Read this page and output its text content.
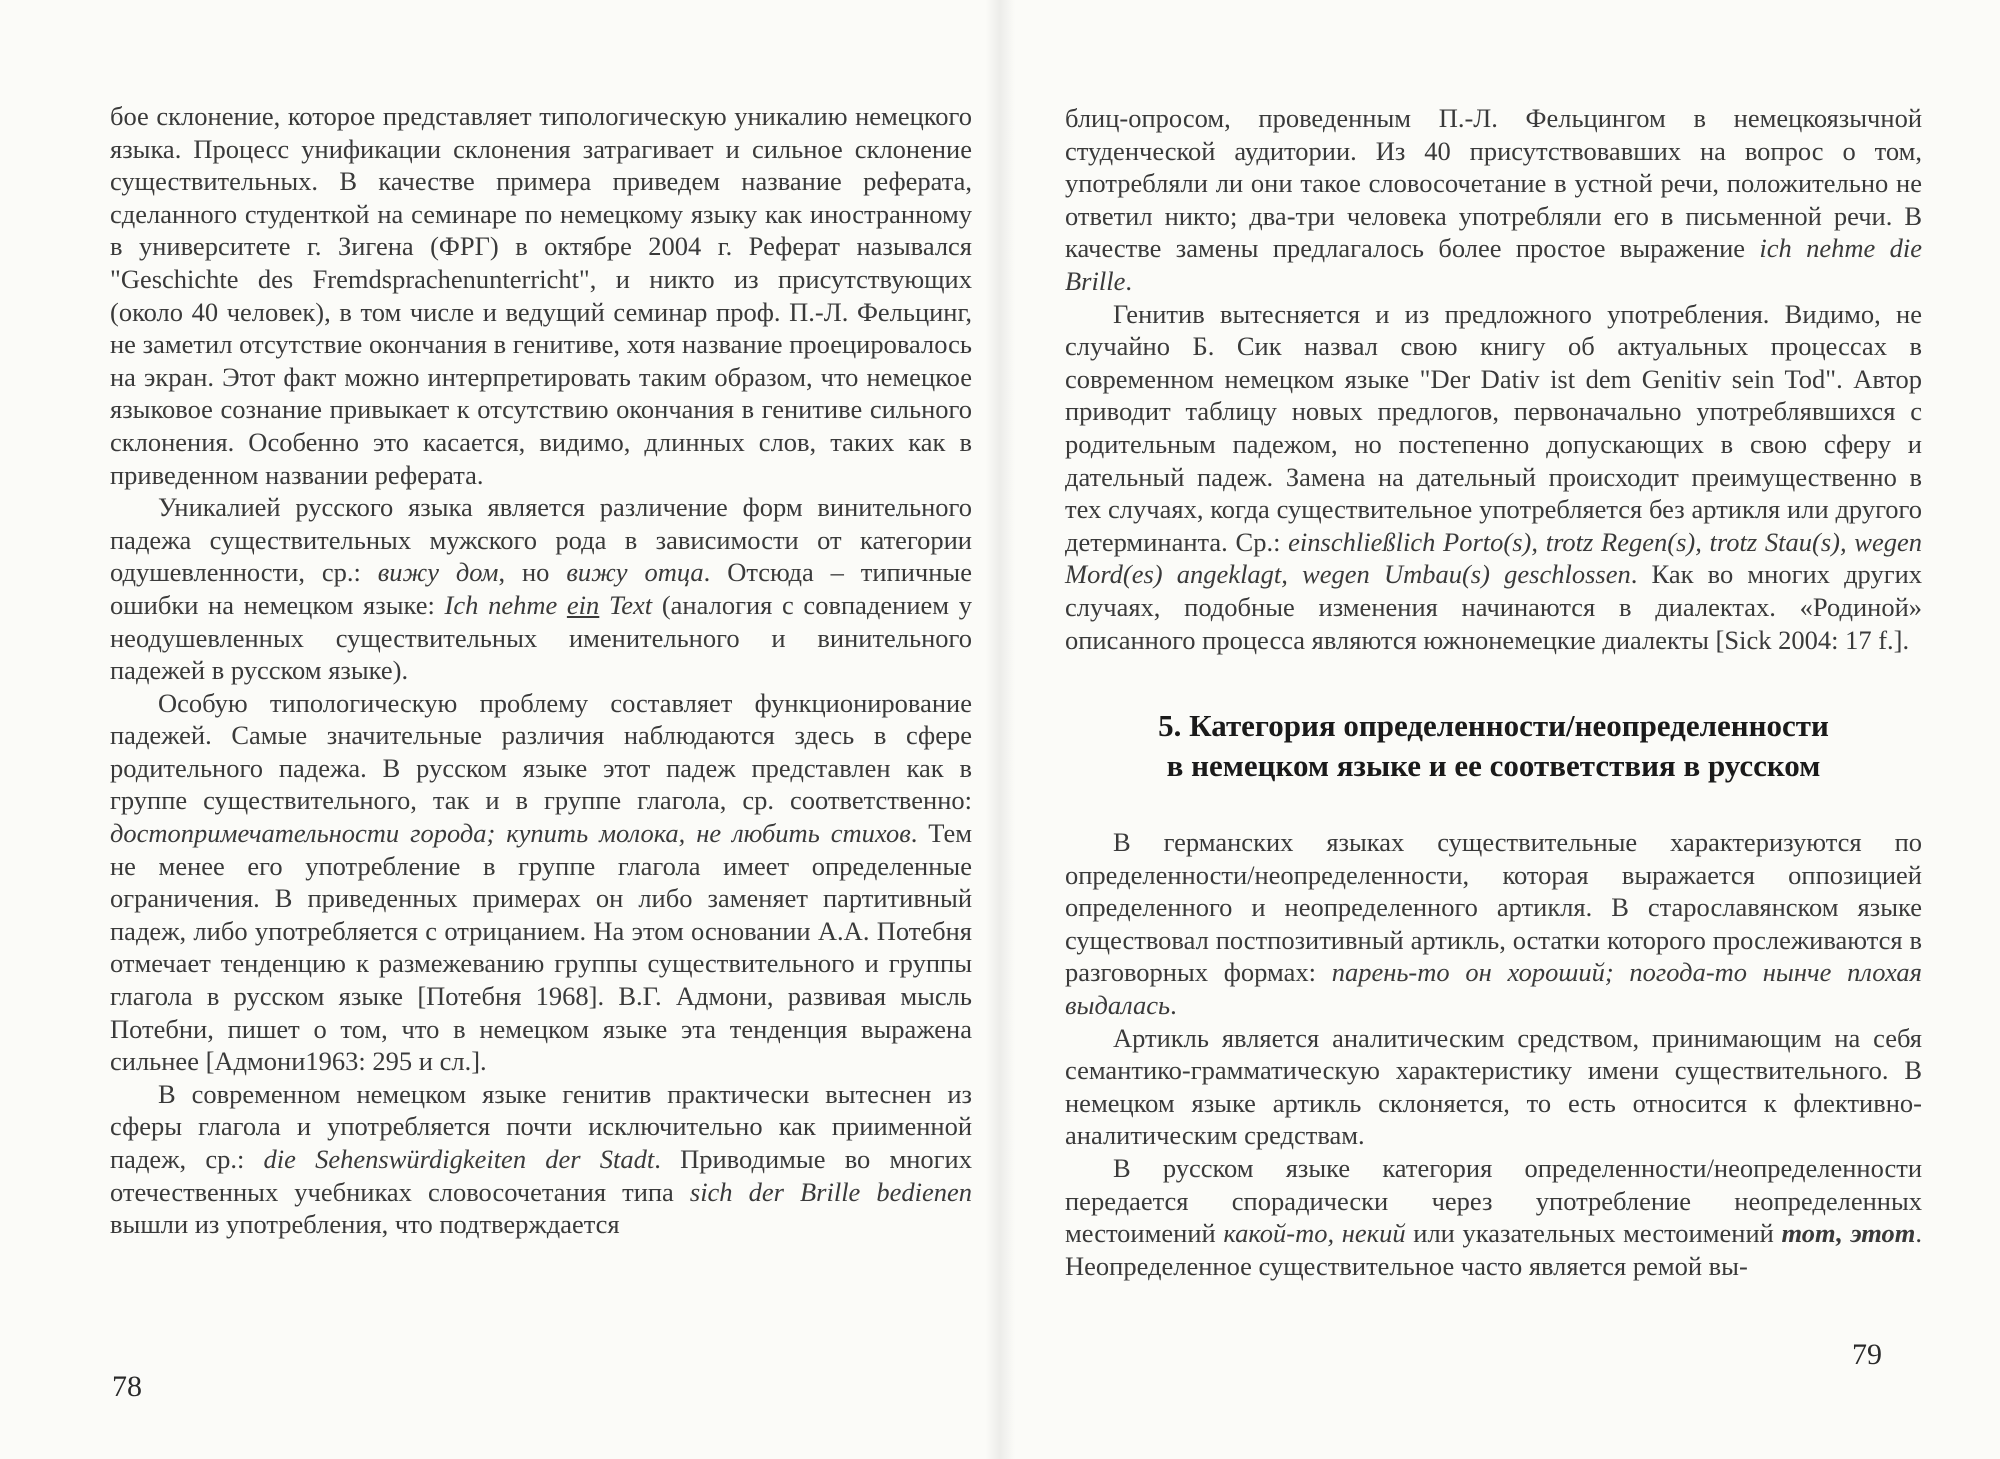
бое склонение, которое представляет типологическую уникалию немецкого языка. Процесс унификации склонения затрагивает и сильное склонение существительных. В качестве примера приведем название реферата, сделанного студенткой на семинаре по немецкому языку как иностранному в университете г. Зигена (ФРГ) в октябре 2004 г. Реферат назывался "Geschichte des Fremdsprachenunterricht", и никто из присутствующих (около 40 человек), в том числе и ведущий семинар проф. П.-Л. Фельцинг, не заметил отсутствие окончания в генитиве, хотя название проецировалось на экран. Этот факт можно интерпретировать таким образом, что немецкое языковое сознание привыкает к отсутствию окончания в генитиве сильного склонения. Особенно это касается, видимо, длинных слов, таких как в приведенном названии реферата.

Уникалией русского языка является различение форм винительного падежа существительных мужского рода в зависимости от категории одушевленности, ср.: вижу дом, но вижу отца. Отсюда – типичные ошибки на немецком языке: Ich nehme ein Text (аналогия с совпадением у неодушевленных существительных именительного и винительного падежей в русском языке).

Особую типологическую проблему составляет функционирование падежей. Самые значительные различия наблюдаются здесь в сфере родительного падежа. В русском языке этот падеж представлен как в группе существительного, так и в группе глагола, ср. соответственно: достопримечательности города; купить молока, не любить стихов. Тем не менее его употребление в группе глагола имеет определенные ограничения. В приведенных примерах он либо заменяет партитивный падеж, либо употребляется с отрицанием. На этом основании А.А. Потебня отмечает тенденцию к размежеванию группы существительного и группы глагола в русском языке [Потебня 1968]. В.Г. Адмони, развивая мысль Потебни, пишет о том, что в немецком языке эта тенденция выражена сильнее [Адмони1963: 295 и сл.].

В современном немецком языке генитив практически вытеснен из сферы глагола и употребляется почти исключительно как приименной падеж, ср.: die Sehenswürdigkeiten der Stadt. Приводимые во многих отечественных учебниках словосочетания типа sich der Brille bedienen вышли из употребления, что подтверждается

78

блиц-опросом, проведенным П.-Л. Фельцингом в немецкоязычной студенческой аудитории. Из 40 присутствовавших на вопрос о том, употребляли ли они такое словосочетание в устной речи, положительно не ответил никто; два-три человека употребляли его в письменной речи. В качестве замены предлагалось более простое выражение ich nehme die Brille.

Генитив вытесняется и из предложного употребления. Видимо, не случайно Б. Сик назвал свою книгу об актуальных процессах в современном немецком языке "Der Dativ ist dem Genitiv sein Tod". Автор приводит таблицу новых предлогов, первоначально употреблявшихся с родительным падежом, но постепенно допускающих в свою сферу и дательный падеж. Замена на дательный происходит преимущественно в тех случаях, когда существительное употребляется без артикля или другого детерминанта. Ср.: einschließlich Porto(s), trotz Regen(s), trotz Stau(s), wegen Mord(es) angeklagt, wegen Umbau(s) geschlossen. Как во многих других случаях, подобные изменения начинаются в диалектах. «Родиной» описанного процесса являются южнонемецкие диалекты [Sick 2004: 17 f.].

5. Категория определенности/неопределенности
в немецком языке и ее соответствия в русском

В германских языках существительные характеризуются по определенности/неопределенности, которая выражается оппозицией определенного и неопределенного артикля. В старославянском языке существовал постпозитивный артикль, остатки которого прослеживаются в разговорных формах: парень-то он хороший; погода-то нынче плохая выдалась.

Артикль является аналитическим средством, принимающим на себя семантико-грамматическую характеристику имени существительного. В немецком языке артикль склоняется, то есть относится к флективно-аналитическим средствам.

В русском языке категория определенности/неопределенности передается спорадически через употребление неопределенных местоимений какой-то, некий или указательных местоимений тот, этот. Неопределенное существительное часто является ремой вы-

79
